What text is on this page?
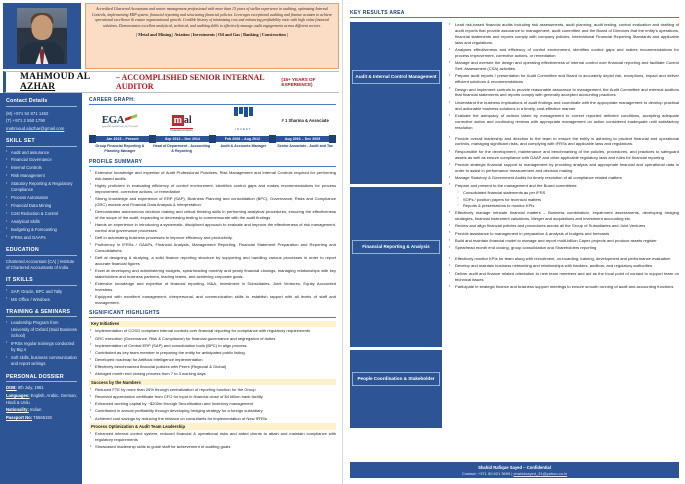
Accredited Chartered Accountant and senior management professional with more than 15 years of stellar experience in auditing, optimizing Internal Controls, implementing ERP system, financial reporting and structuring financial policies. Leverages exceptional auditing and finance acumen to achieve operational excellence & ensure organizational growth. Credible history of minimizing cost and enhancing profitability ratio with high value financial solutions. Demonstrates excellent analytical, technical, and auditing skills to effectively manage audit engagements across different sectors.

| Metal and Mining | Aviation | Investments | Oil and Gas | Banking | Construction |
MAHMOUD AL AZHAR
– ACCOMPLISHED SENIOR INTERNAL AUDITOR
(15+ YEARS OF EXPERIENCE)
Contact Details
(M) +971 52 871 1462
(T) +971 2 550 1790
mahmoud.alazhar@gmail.com
SKILL SET
▪ Audit and assurance
▪ Financial Governance
▪ Internal Controls
▪ Risk Management
▪ Statutory Reporting & Regulatory Compliance
▪ Process Automation
▪ Financial Data Mining
▪ Cost Reduction & Control
▪ Analytical Skills
▪ Budgeting & Forecasting
▪ IFRSs and GAAPs
EDUCATION
Chartered Accountant (CA) | Institute of Chartered Accountants of India
IT SKILLS
▪ SAP, Oracle, BPC and Tally
▪ MS Office / Windows
TRAINING & SEMINARS
▪ Leadership Program from University of Oxford (Said Business School)
▪ IFRSs regular trainings conducted by Big 4
▪ Soft skills, business communication and report writings
PERSONAL DOSSIER
DOB: 8th July, 1981
Languages: English, Arabic, German, Hindi & Urdu
Nationality: Indian
Passport No: T5565192
CAREER GRAPH:
EGA
الشركة الإماراتية العالمية للألمنيوم
m al
Mubadala Aerospace	INVEST
# 1 Sharma & Associate
Jan 2015 – Present	Sep 2012 – Dec 2014	Feb 2006 – Aug 2012	Aug 2003 – Dec 2005
Group Financial Reporting & Planning Manager
Head of Department - Accounting & Reporting
Audit & Accounts Manager	Senior Associate - Audit and Tax
PROFILE SUMMARY
▪ Extensive knowledge and expertise of Audit Professional Practices, Risk Management and Internal Controls required for performing risk-based audits.
▪ Highly proficient in evaluating efficiency of control environment, identifies control gaps and makes recommendations for process improvement, corrective actions, or remediation
▪ Strong knowledge and experience of ERP (SAP), Business Planning and consolidation (BPC), Governance, Risks and Compliance (GRC) module and Financial Data Analysis & Interpretation.
▪ Demonstrates autonomous decision making and critical thinking skills in performing analytical procedures, ensuring the effectiveness of the scope of the audit, expanding or decreasing testing to commensurate with the audit findings
▪ Hands on experience in introducing a systematic, disciplined approach to evaluate and improve the effectiveness of risk management, control and governance processes
▪ Deft in automating business processes to improve efficiency and productivity.
▪ Proficiency in IFRSs / GAAPs, Financial Analysis, Management Reporting, Financial Statement Preparation and Reporting and Consolidations.
▪ Deft at designing & studying, a solid finance reporting structure by supporting and handling various processes in order to report accurate financial figures
▪ Excel at developing and administering budgets, spearheading monthly and yearly financial closings, managing relationships with key stakeholders and business partners, leading teams, and achieving corporate goals.
▪ Extensive knowledge and expertise of financial reporting, M&A, Investment in Subsidiaries, Joint Ventures, Equity Accounted Investees.
▪ Equipped with excellent management, interpersonal, and communication skills to establish rapport with all levels of staff and management.
SIGNIFICANT HIGHLIGHTS
Key Initiatives
▪ Implementation of COSO compliant internal controls over financial reporting for compliance with regulatory requirements
▪ GRC execution (Governance, Risk & Compliance) for financial governance and segregation of duties
▪ Implementation of Central ERP (SAP) and consolidation tools (BPC) to align process
▪ Contributed as key team member in preparing the entity for anticipated public listing
▪ Developed roadmap for Artificial Intelligence implementation
▪ Effectively benchmarked financial policies with Peers (Regional & Global)
▪ Abridged month end closing process from 7 to 3 working days
Success by the Numbers
▪ Reduced FTE by more than 25% through centralization of reporting function for the Group
▪ Received appreciation certificate from CFO for input in financial close of $4 billion bank facility
▪ Enhanced working capital by ~$200m through Securitization and Inventory management
▪ Contributed in annual profitability through developing hedging strategy for a foreign subsidiary
▪ Achieved cost savings by reducing the reliance on consultants for implementation of New IFRSs
Process Optimization & Audit Team Leadership
▪ Enhanced internal control system, reduced financial & operational risks and aided clients to attain and maintain compliance with regulatory requirements
▪ Showcased leadership skills to guide staff for achievement of auditing goals
KEY RESULTS AREA
Audit & Internal Control Management
Financial Reporting & Analysis
People Coordination & Stakeholder
▪ Lead risk-based financial audits including risk assessments, audit planning, audit testing, control evaluation and drafting of audit reports that provide assurance to management, audit committee and the Board of Directors that the entity's operations, financial statements and reports comply with company policies, International Financial Reporting Standards and applicable laws and regulations.
▪ Analyses effectiveness and efficiency of control environment, identifies control gaps and makes recommendations for process improvement, corrective actions, or remediation
▪ Manage and oversee the design and operating effectiveness of internal control over financial reporting and facilitate Control Self- Assessment (CSA) activities
▪ Prepare audit reports / presentation for Audit Committee and Board to accurately depict risk, exceptions, impact and deliver efficient solutions & recommendations
▪ Design and implement controls to provide reasonable assurance to management, the Audit Committee and external auditors that financial statements and reports comply with generally accepted accounting practices
▪ Understand the business implications of audit findings and coordinate with the appropriate management to develop practical and actionable business solutions in a timely, cost-effective manner
▪ Evaluate the adequacy of actions taken by management to correct reported deficient conditions, accepting adequate corrective action and continuing reviews with appropriate management on action considered inadequate until satisfactory resolution
▪ Provide overall leadership and direction to the team to ensure the entity is adhering to prudent financial and operational controls, managing significant risks, and complying with IFRSs and applicable laws and regulations.
▪ Responsible for the development, maintenance and benchmarking of the policies, procedures, and practices to safeguard assets as well as ensure compliance with GAAP and other applicable regulatory laws and rules for financial reporting
▪ Provide strategic financial support to management by providing analysis and appropriate financial and operational data in order to assist in performance measurement and decision making
▪ Manage Statutory & Government Audits for timely resolution of all compliance related matters
▪ Prepare and present to the management and the Board committees:
○ Consolidated financial statements as per IFRS
○ SOPs / position papers for technical matters
○ Reports & presentations to monitor KPIs
▪ Effectively manage intricate financial matters – Business combination, impairment assessments, developing hedging strategies, financial instrument valuations, Merger and acquisitions and investment accounting etc.
▪ Review and align financial policies and procedures across all the Group of Subsidiaries and Joint Ventures
▪ Provide assistance to management in preparation & analysis of budgets and forecasts
▪ Build and maintain financial model to manage and report multi-billion Capex projects and produce assets register
▪ Spearhead month end closing, group consolidation and Shareholders reporting
▪ Effectively monitor KPIs for team along with recruitment, on-boarding, training, development and performance evaluation
▪ Develop and maintain business networking and relationships with bankers, auditors, and regulatory authorities
▪ Deliver audit and finance related orientation to new team members and act as the focal point of contact to support team on technical issues
▪ Participate in strategic finance and business support meetings to ensure smooth running of audit and accounting functions
Shahid Rafique Sayed – Confidential
Contact: +971 50 621 3699 | shahidsayed_31@yahoo.co.in
